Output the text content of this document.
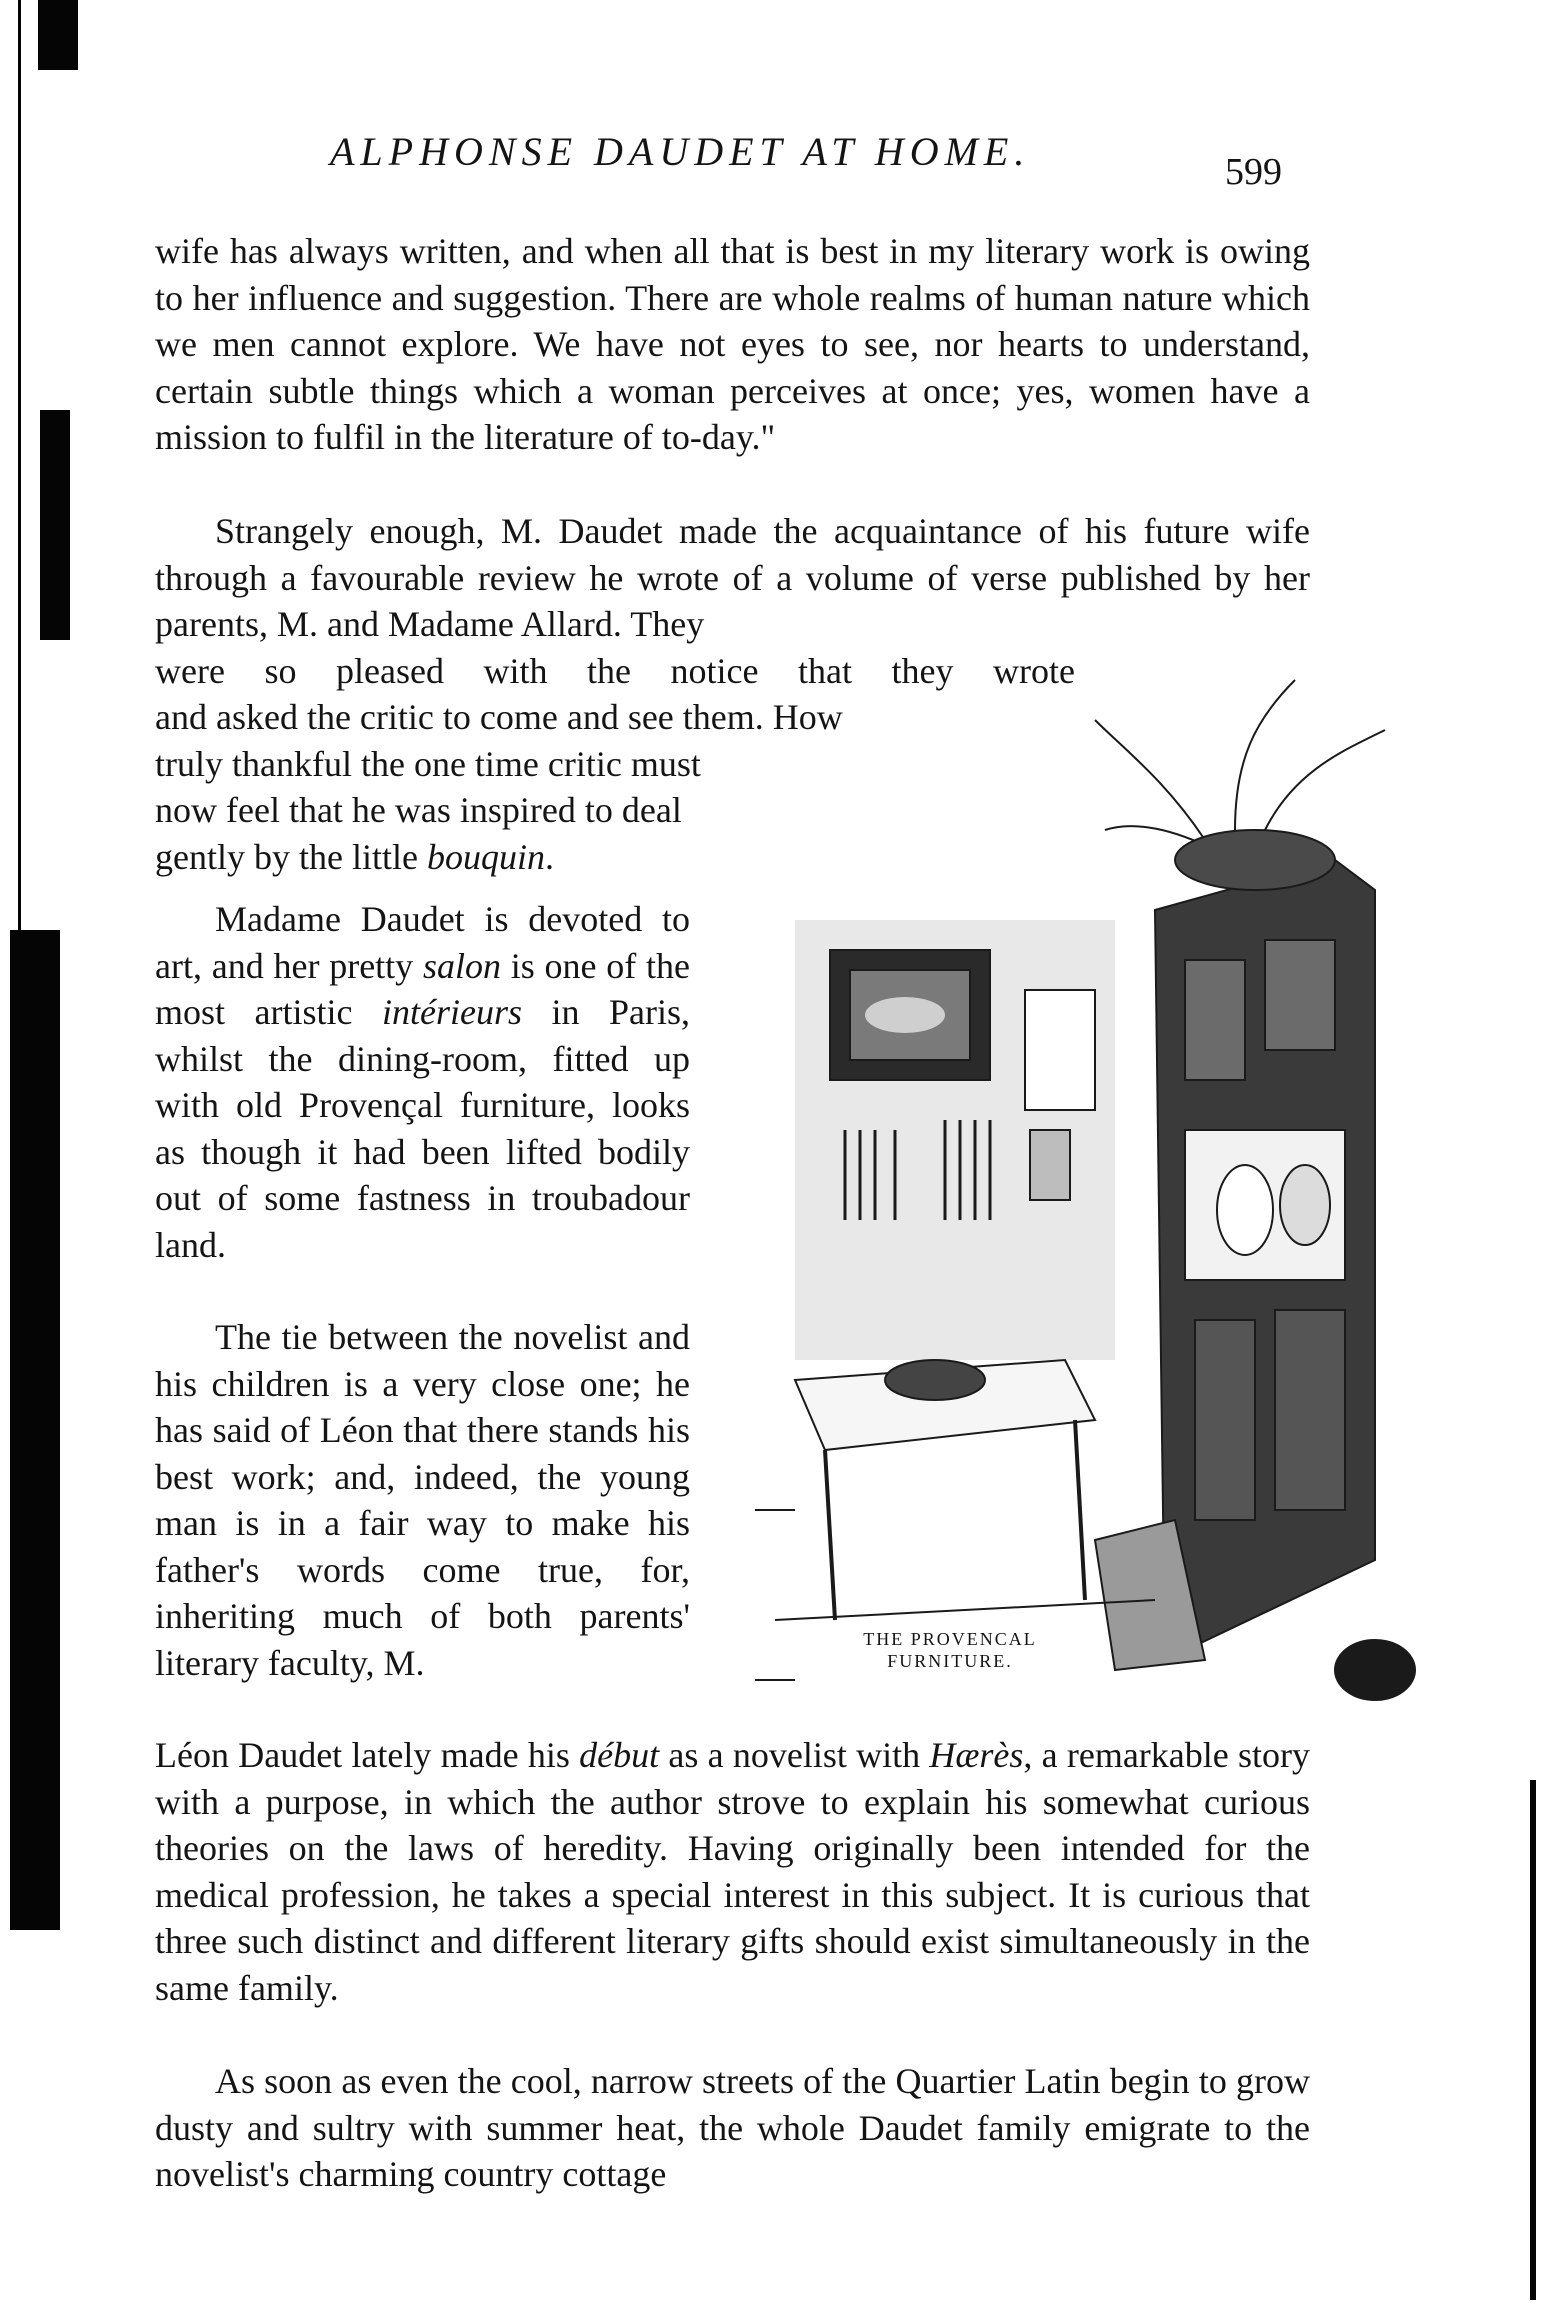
ALPHONSE DAUDET AT HOME.	599

wife has always written, and when all that is best in my literary work is owing to her influence and suggestion. There are whole realms of human nature which we men cannot explore. We have not eyes to see, nor hearts to understand, certain subtle things which a woman perceives at once; yes, women have a mission to fulfil in the literature of to-day."

Strangely enough, M. Daudet made the acquaintance of his future wife through a favourable review he wrote of a volume of verse published by her parents, M. and Madame Allard. They
were so pleased with the notice that they wrote
and asked the critic to come and see them. How
truly thankful the one time critic must
now feel that he was inspired to deal
gently by the little bouquin.

Madame Daudet is devoted to art, and her pretty salon is one of the most artistic intérieurs in Paris, whilst the dining-room, fitted up with old Provençal furniture, looks as though it had been lifted bodily out of some fastness in troubadour land.

The tie between the novelist and his children is a very close one; he has said of Léon that there stands his best work; and, indeed, the young man is in a fair way to make his father's words come true, for, inheriting much of both parents' literary faculty, M.

Léon Daudet lately made his début as a novelist with Hærès, a remarkable story with a purpose, in which the author strove to explain his somewhat curious theories on the laws of heredity. Having originally been intended for the medical profession, he takes a special interest in this subject. It is curious that three such distinct and different literary gifts should exist simultaneously in the same family.

As soon as even the cool, narrow streets of the Quartier Latin begin to grow dusty and sultry with summer heat, the whole Daudet family emigrate to the novelist's charming country cottage

THE PROVENCAL
FURNITURE.
